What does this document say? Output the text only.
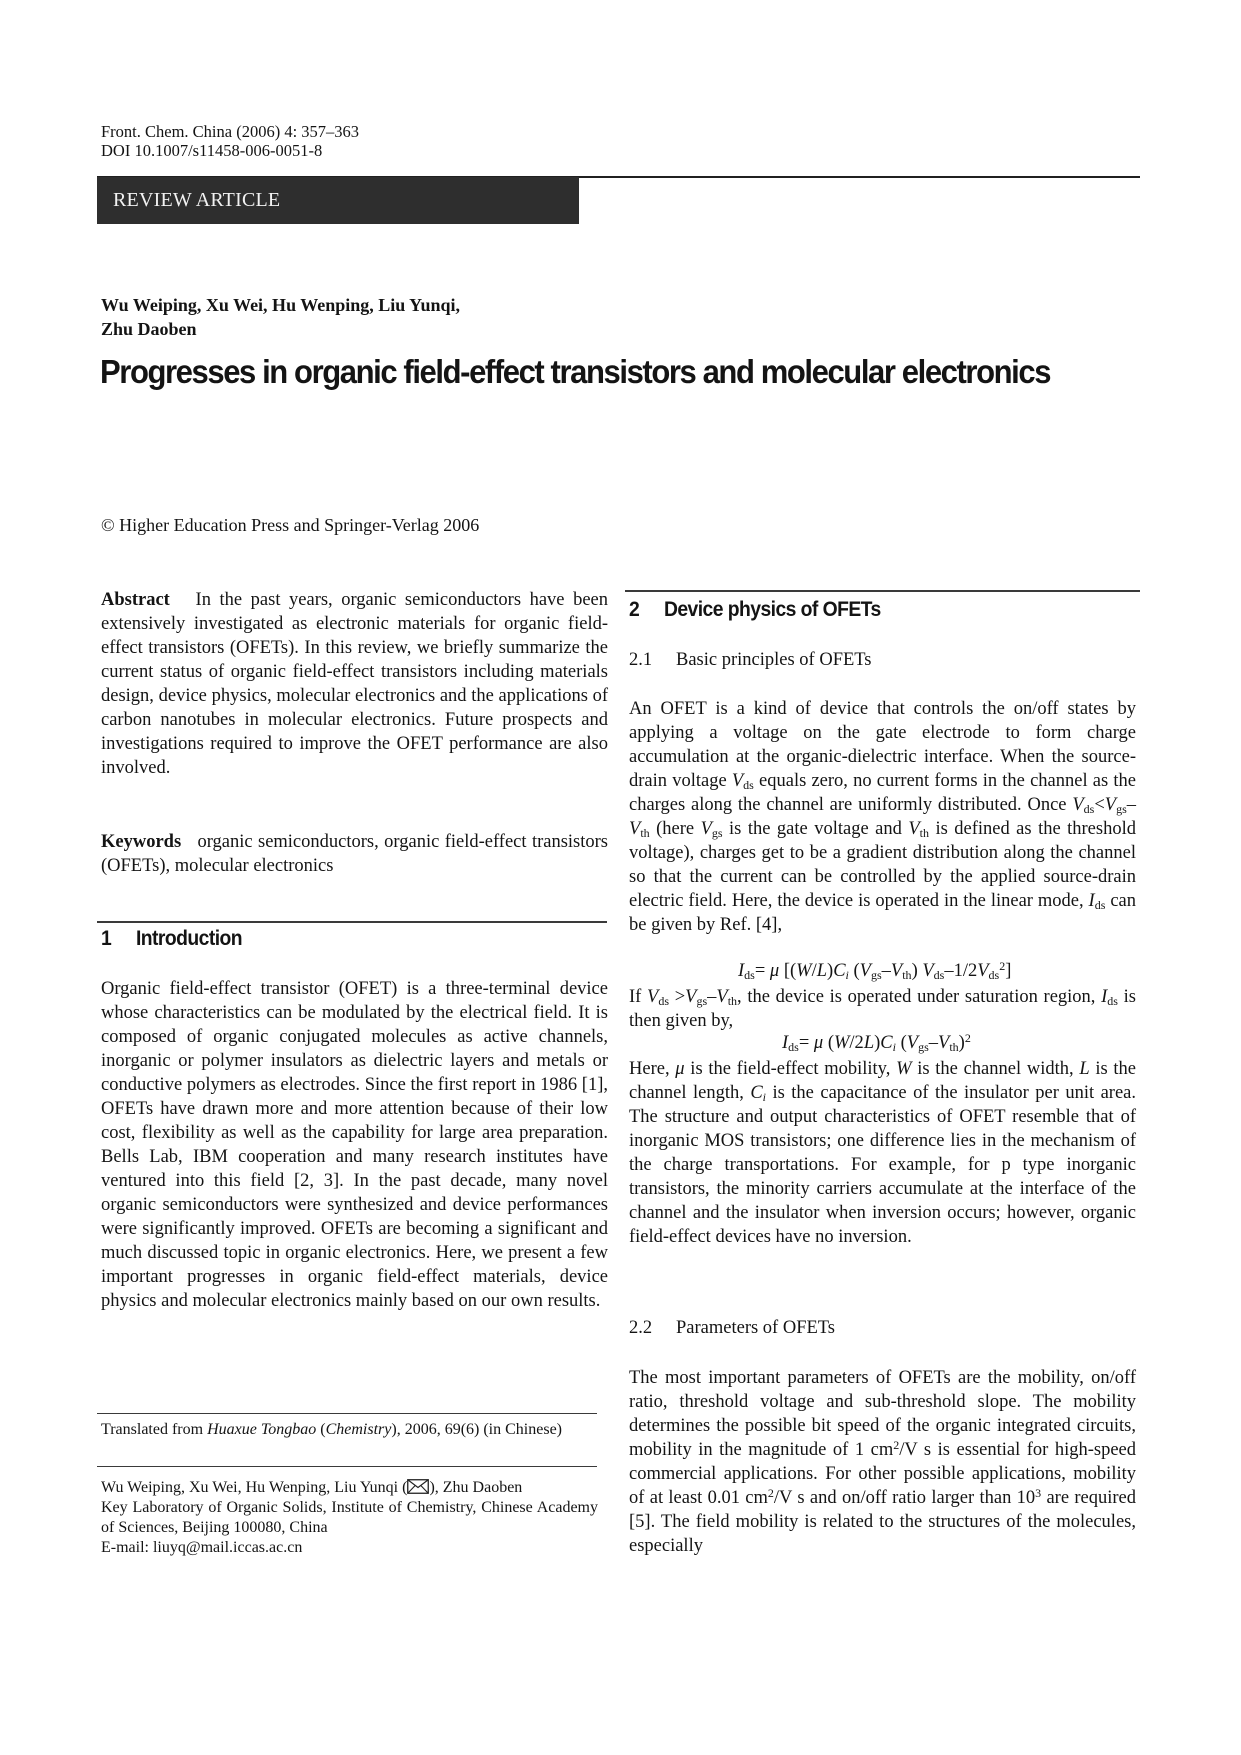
Front. Chem. China (2006) 4: 357–363
DOI 10.1007/s11458-006-0051-8
REVIEW ARTICLE
Wu Weiping, Xu Wei, Hu Wenping, Liu Yunqi,
Zhu Daoben
Progresses in organic field-effect transistors and molecular electronics
© Higher Education Press and Springer-Verlag 2006

Abstract In the past years, organic semiconductors have been extensively investigated as electronic materials for organic field-effect transistors (OFETs). In this review, we briefly summarize the current status of organic field-effect transistors including materials design, device physics, molecular electronics and the applications of carbon nanotubes in molecular electronics. Future prospects and investigations required to improve the OFET performance are also involved.

Keywords organic semiconductors, organic field-effect transistors (OFETs), molecular electronics

1 Introduction

Organic field-effect transistor (OFET) is a three-terminal device whose characteristics can be modulated by the electrical field. It is composed of organic conjugated molecules as active channels, inorganic or polymer insulators as dielectric layers and metals or conductive polymers as electrodes. Since the first report in 1986 [1], OFETs have drawn more and more attention because of their low cost, flexibility as well as the capability for large area preparation. Bells Lab, IBM cooperation and many research institutes have ventured into this field [2, 3]. In the past decade, many novel organic semiconductors were synthesized and device performances were significantly improved. OFETs are becoming a significant and much discussed topic in organic electronics. Here, we present a few important progresses in organic field-effect materials, device physics and molecular electronics mainly based on our own results.

Translated from Huaxue Tongbao (Chemistry), 2006, 69(6) (in Chinese)
Wu Weiping, Xu Wei, Hu Wenping, Liu Yunqi ( ), Zhu Daoben
Key Laboratory of Organic Solids, Institute of Chemistry, Chinese Academy of Sciences, Beijing 100080, China
E-mail: liuyq@mail.iccas.ac.cn
2 Device physics of OFETs
2.1 Basic principles of OFETs

An OFET is a kind of device that controls the on/off states by applying a voltage on the gate electrode to form charge accumulation at the organic-dielectric interface. When the source-drain voltage $V_{ds}$ equals zero, no current forms in the channel as the charges along the channel are uniformly distributed. Once $V_{ds}<V_{gs}-V_{th}$ (here $V_{gs}$ is the gate voltage and $V_{th}$ is defined as the threshold voltage), charges get to be a gradient distribution along the channel so that the current can be controlled by the applied source-drain electric field. Here, the device is operated in the linear mode, $I_{ds}$ can be given by Ref. [4],

$I_{ds}= \mu$ [$(W/L)C_i$ $(V_{gs}-V_{th})$ $V_{ds}-1/2V_{ds}^2$]

If $V_{ds} >V_{gs}-V_{th}$, the device is operated under saturation region, $I_{ds}$ is then given by,

$I_{ds}= \mu$ $(W/2L)C_i$ $(V_{gs}-V_{th})^2$

Here, μ is the field-effect mobility, W is the channel width, L is the channel length, $C_i$ is the capacitance of the insulator per unit area. The structure and output characteristics of OFET resemble that of inorganic MOS transistors; one difference lies in the mechanism of the charge transportations. For example, for p type inorganic transistors, the minority carriers accumulate at the interface of the channel and the insulator when inversion occurs; however, organic field-effect devices have no inversion.

2.2 Parameters of OFETs

The most important parameters of OFETs are the mobility, on/off ratio, threshold voltage and sub-threshold slope. The mobility determines the possible bit speed of the organic integrated circuits, mobility in the magnitude of 1 $cm^2/V$ s is essential for high-speed commercial applications. For other possible applications, mobility of at least 0.01 $cm^2/V$ s and on/off ratio larger than $10^3$ are required [5]. The field mobility is related to the structures of the molecules, especially
